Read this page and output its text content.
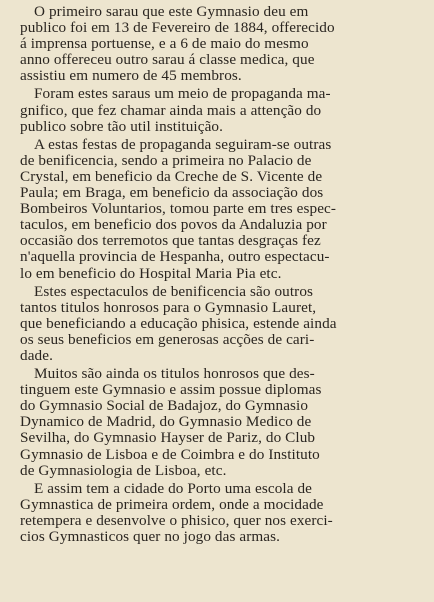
O primeiro sarau que este Gymnasio deu em
publico foi em 13 de Fevereiro de 1884, offerecido
á imprensa portuense, e a 6 de maio do mesmo
anno offereceu outro sarau á classe medica, que
assistiu em numero de 45 membros.
Foram estes saraus um meio de propaganda ma-
gnifico, que fez chamar ainda mais a attenção do
publico sobre tão util instituição.
A estas festas de propaganda seguiram-se outras
de benificencia, sendo a primeira no Palacio de
Crystal, em beneficio da Creche de S. Vicente de
Paula; em Braga, em beneficio da associação dos
Bombeiros Voluntarios, tomou parte em tres espec-
taculos, em beneficio dos povos da Andaluzia por
occasião dos terremotos que tantas desgraças fez
n'aquella provincia de Hespanha, outro espectacu-
lo em beneficio do Hospital Maria Pia etc.
Estes espectaculos de benificencia são outros
tantos titulos honrosos para o Gymnasio Lauret,
que beneficiando a educação phisica, estende ainda
os seus beneficios em generosas acções de cari-
dade.
Muitos são ainda os titulos honrosos que des-
tinguem este Gymnasio e assim possue diplomas
do Gymnasio Social de Badajoz, do Gymnasio
Dynamico de Madrid, do Gymnasio Medico de
Sevilha, do Gymnasio Hayser de Pariz, do Club
Gymnasio de Lisboa e de Coimbra e do Instituto
de Gymnasiologia de Lisboa, etc.
E assim tem a cidade do Porto uma escola de
Gymnastica de primeira ordem, onde a mocidade
retempera e desenvolve o phisico, quer nos exerci-
cios Gymnasticos quer no jogo das armas.
